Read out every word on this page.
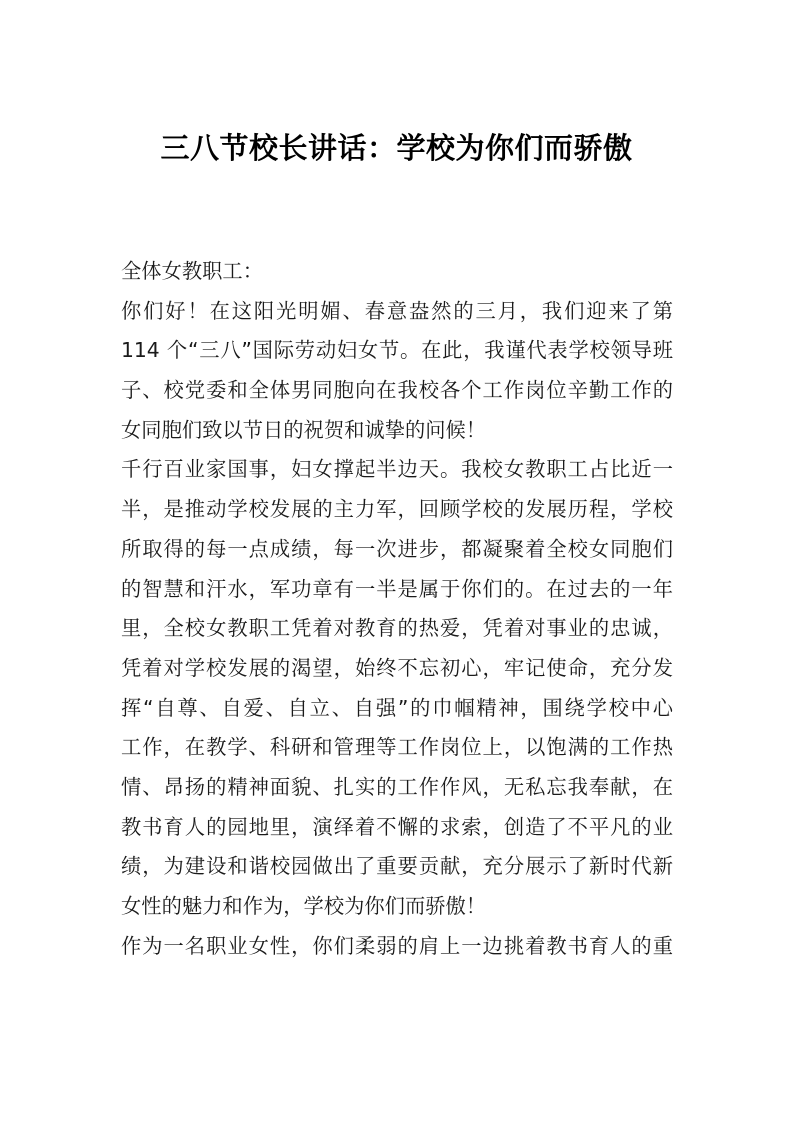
三八节校长讲话：学校为你们而骄傲
全体女教职工：
你们好！在这阳光明媚、春意盎然的三月，我们迎来了第
114 个“三八”国际劳动妇女节。在此，我谨代表学校领导班
子、校党委和全体男同胞向在我校各个工作岗位辛勤工作的
女同胞们致以节日的祝贺和诚挚的问候！
千行百业家国事，妇女撑起半边天。我校女教职工占比近一
半，是推动学校发展的主力军，回顾学校的发展历程，学校
所取得的每一点成绩，每一次进步，都凝聚着全校女同胞们
的智慧和汗水，军功章有一半是属于你们的。在过去的一年
里，全校女教职工凭着对教育的热爱，凭着对事业的忠诚，
凭着对学校发展的渴望，始终不忘初心，牢记使命，充分发
挥“自尊、自爱、自立、自强”的巾帼精神，围绕学校中心
工作，在教学、科研和管理等工作岗位上，以饱满的工作热
情、昂扬的精神面貌、扎实的工作作风，无私忘我奉献，在
教书育人的园地里，演绎着不懈的求索，创造了不平凡的业
绩，为建设和谐校园做出了重要贡献，充分展示了新时代新
女性的魅力和作为，学校为你们而骄傲！
作为一名职业女性，你们柔弱的肩上一边挑着教书育人的重
